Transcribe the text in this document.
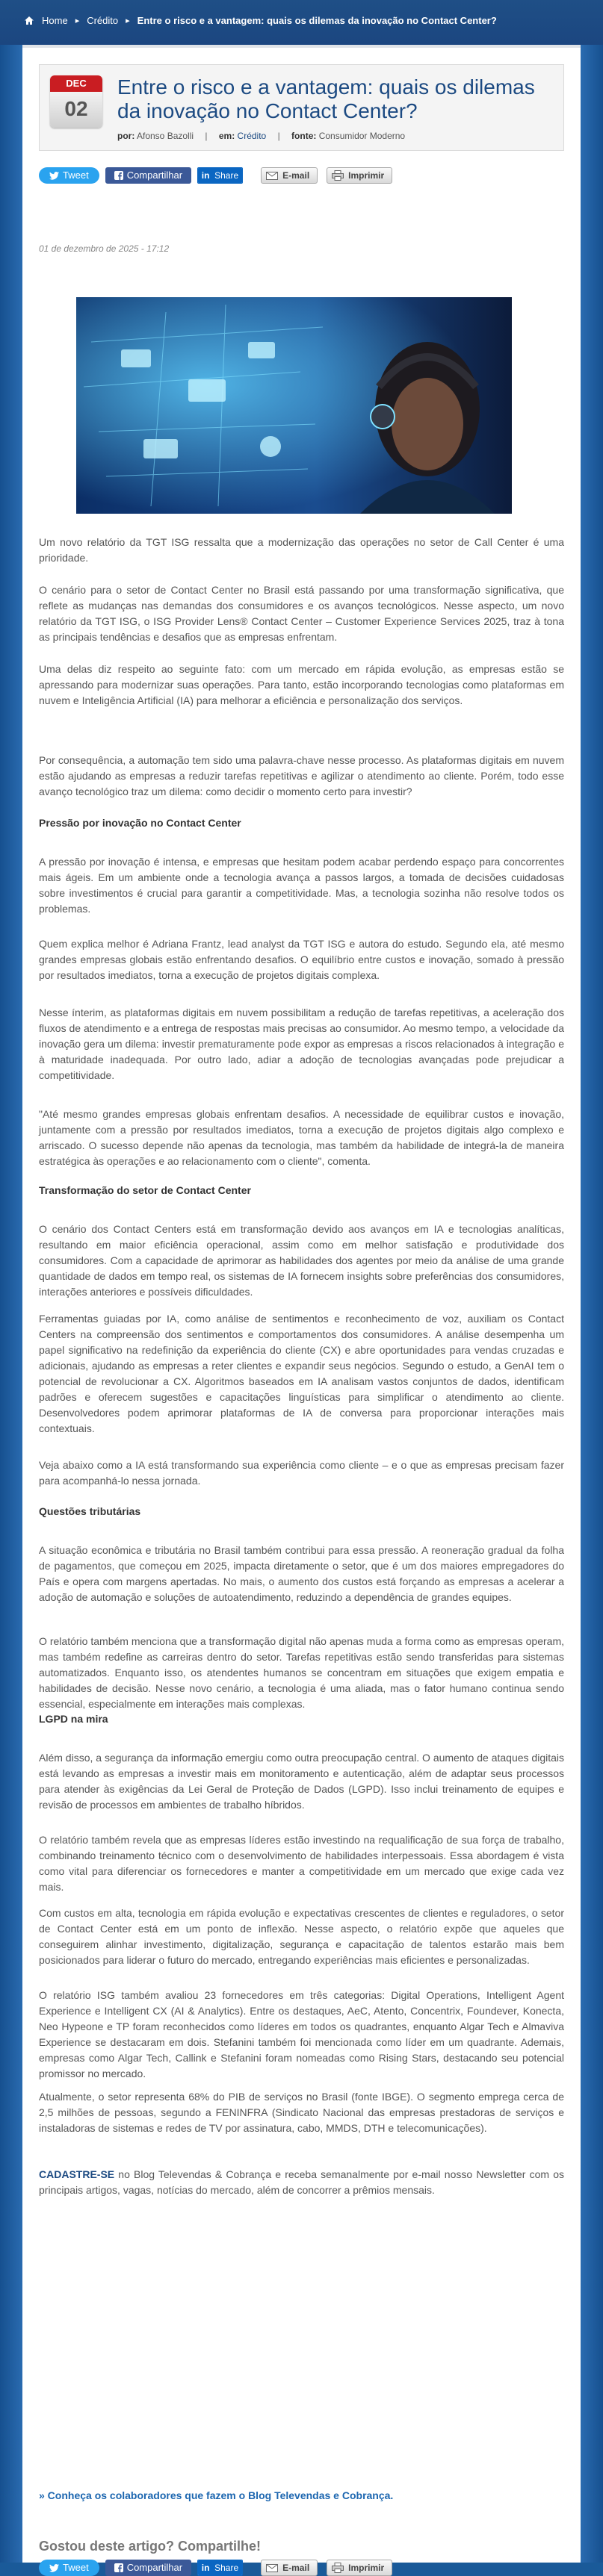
Home ▸ Crédito ▸ Entre o risco e a vantagem: quais os dilemas da inovação no Contact Center?
DEC
02
Entre o risco e a vantagem: quais os dilemas da inovação no Contact Center?
por: Afonso Bazolli | em: Crédito | fonte: Consumidor Moderno
Tweet	Compartilhar	in Share	E-mail	Imprimir
01 de dezembro de 2025 - 17:12

Um novo relatório da TGT ISG ressalta que a modernização das operações no setor de Call Center é uma prioridade.

O cenário para o setor de Contact Center no Brasil está passando por uma transformação significativa, que reflete as mudanças nas demandas dos consumidores e os avanços tecnológicos. Nesse aspecto, um novo relatório da TGT ISG, o ISG Provider Lens® Contact Center – Customer Experience Services 2025, traz à tona as principais tendências e desafios que as empresas enfrentam.

Uma delas diz respeito ao seguinte fato: com um mercado em rápida evolução, as empresas estão se apressando para modernizar suas operações. Para tanto, estão incorporando tecnologias como plataformas em nuvem e Inteligência Artificial (IA) para melhorar a eficiência e personalização dos serviços.

Por consequência, a automação tem sido uma palavra-chave nesse processo. As plataformas digitais em nuvem estão ajudando as empresas a reduzir tarefas repetitivas e agilizar o atendimento ao cliente. Porém, todo esse avanço tecnológico traz um dilema: como decidir o momento certo para investir?

Pressão por inovação no Contact Center

A pressão por inovação é intensa, e empresas que hesitam podem acabar perdendo espaço para concorrentes mais ágeis. Em um ambiente onde a tecnologia avança a passos largos, a tomada de decisões cuidadosas sobre investimentos é crucial para garantir a competitividade. Mas, a tecnologia sozinha não resolve todos os problemas.

Quem explica melhor é Adriana Frantz, lead analyst da TGT ISG e autora do estudo. Segundo ela, até mesmo grandes empresas globais estão enfrentando desafios. O equilíbrio entre custos e inovação, somado à pressão por resultados imediatos, torna a execução de projetos digitais complexa.

Nesse ínterim, as plataformas digitais em nuvem possibilitam a redução de tarefas repetitivas, a aceleração dos fluxos de atendimento e a entrega de respostas mais precisas ao consumidor. Ao mesmo tempo, a velocidade da inovação gera um dilema: investir prematuramente pode expor as empresas a riscos relacionados à integração e à maturidade inadequada. Por outro lado, adiar a adoção de tecnologias avançadas pode prejudicar a competitividade.

"Até mesmo grandes empresas globais enfrentam desafios. A necessidade de equilibrar custos e inovação, juntamente com a pressão por resultados imediatos, torna a execução de projetos digitais algo complexo e arriscado. O sucesso depende não apenas da tecnologia, mas também da habilidade de integrá-la de maneira estratégica às operações e ao relacionamento com o cliente", comenta.

Transformação do setor de Contact Center

O cenário dos Contact Centers está em transformação devido aos avanços em IA e tecnologias analíticas, resultando em maior eficiência operacional, assim como em melhor satisfação e produtividade dos consumidores. Com a capacidade de aprimorar as habilidades dos agentes por meio da análise de uma grande quantidade de dados em tempo real, os sistemas de IA fornecem insights sobre preferências dos consumidores, interações anteriores e possíveis dificuldades.

Ferramentas guiadas por IA, como análise de sentimentos e reconhecimento de voz, auxiliam os Contact Centers na compreensão dos sentimentos e comportamentos dos consumidores. A análise desempenha um papel significativo na redefinição da experiência do cliente (CX) e abre oportunidades para vendas cruzadas e adicionais, ajudando as empresas a reter clientes e expandir seus negócios. Segundo o estudo, a GenAI tem o potencial de revolucionar a CX. Algoritmos baseados em IA analisam vastos conjuntos de dados, identificam padrões e oferecem sugestões e capacitações linguísticas para simplificar o atendimento ao cliente. Desenvolvedores podem aprimorar plataformas de IA de conversa para proporcionar interações mais contextuais.

Veja abaixo como a IA está transformando sua experiência como cliente – e o que as empresas precisam fazer para acompanhá-lo nessa jornada.

Questões tributárias

A situação econômica e tributária no Brasil também contribui para essa pressão. A reoneração gradual da folha de pagamentos, que começou em 2025, impacta diretamente o setor, que é um dos maiores empregadores do País e opera com margens apertadas. No mais, o aumento dos custos está forçando as empresas a acelerar a adoção de automação e soluções de autoatendimento, reduzindo a dependência de grandes equipes.

O relatório também menciona que a transformação digital não apenas muda a forma como as empresas operam, mas também redefine as carreiras dentro do setor. Tarefas repetitivas estão sendo transferidas para sistemas automatizados. Enquanto isso, os atendentes humanos se concentram em situações que exigem empatia e habilidades de decisão. Nesse novo cenário, a tecnologia é uma aliada, mas o fator humano continua sendo essencial, especialmente em interações mais complexas.

LGPD na mira

Além disso, a segurança da informação emergiu como outra preocupação central. O aumento de ataques digitais está levando as empresas a investir mais em monitoramento e autenticação, além de adaptar seus processos para atender às exigências da Lei Geral de Proteção de Dados (LGPD). Isso inclui treinamento de equipes e revisão de processos em ambientes de trabalho híbridos.

O relatório também revela que as empresas líderes estão investindo na requalificação de sua força de trabalho, combinando treinamento técnico com o desenvolvimento de habilidades interpessoais. Essa abordagem é vista como vital para diferenciar os fornecedores e manter a competitividade em um mercado que exige cada vez mais.

Com custos em alta, tecnologia em rápida evolução e expectativas crescentes de clientes e reguladores, o setor de Contact Center está em um ponto de inflexão. Nesse aspecto, o relatório expõe que aqueles que conseguirem alinhar investimento, digitalização, segurança e capacitação de talentos estarão mais bem posicionados para liderar o futuro do mercado, entregando experiências mais eficientes e personalizadas.

O relatório ISG também avaliou 23 fornecedores em três categorias: Digital Operations, Intelligent Agent Experience e Intelligent CX (AI & Analytics). Entre os destaques, AeC, Atento, Concentrix, Foundever, Konecta, Neo Hypeone e TP foram reconhecidos como líderes em todos os quadrantes, enquanto Algar Tech e Almaviva Experience se destacaram em dois. Stefanini também foi mencionada como líder em um quadrante. Ademais, empresas como Algar Tech, Callink e Stefanini foram nomeadas como Rising Stars, destacando seu potencial promissor no mercado.

Atualmente, o setor representa 68% do PIB de serviços no Brasil (fonte IBGE). O segmento emprega cerca de 2,5 milhões de pessoas, segundo a FENINFRA (Sindicato Nacional das empresas prestadoras de serviços e instaladoras de sistemas e redes de TV por assinatura, cabo, MMDS, DTH e telecomunicações).

CADASTRE-SE no Blog Televendas & Cobrança e receba semanalmente por e-mail nosso Newsletter com os principais artigos, vagas, notícias do mercado, além de concorrer a prêmios mensais.

» Conheça os colaboradores que fazem o Blog Televendas e Cobrança.

Gostou deste artigo? Compartilhe!

Tweet	Compartilhar	in Share	E-mail	Imprimir
